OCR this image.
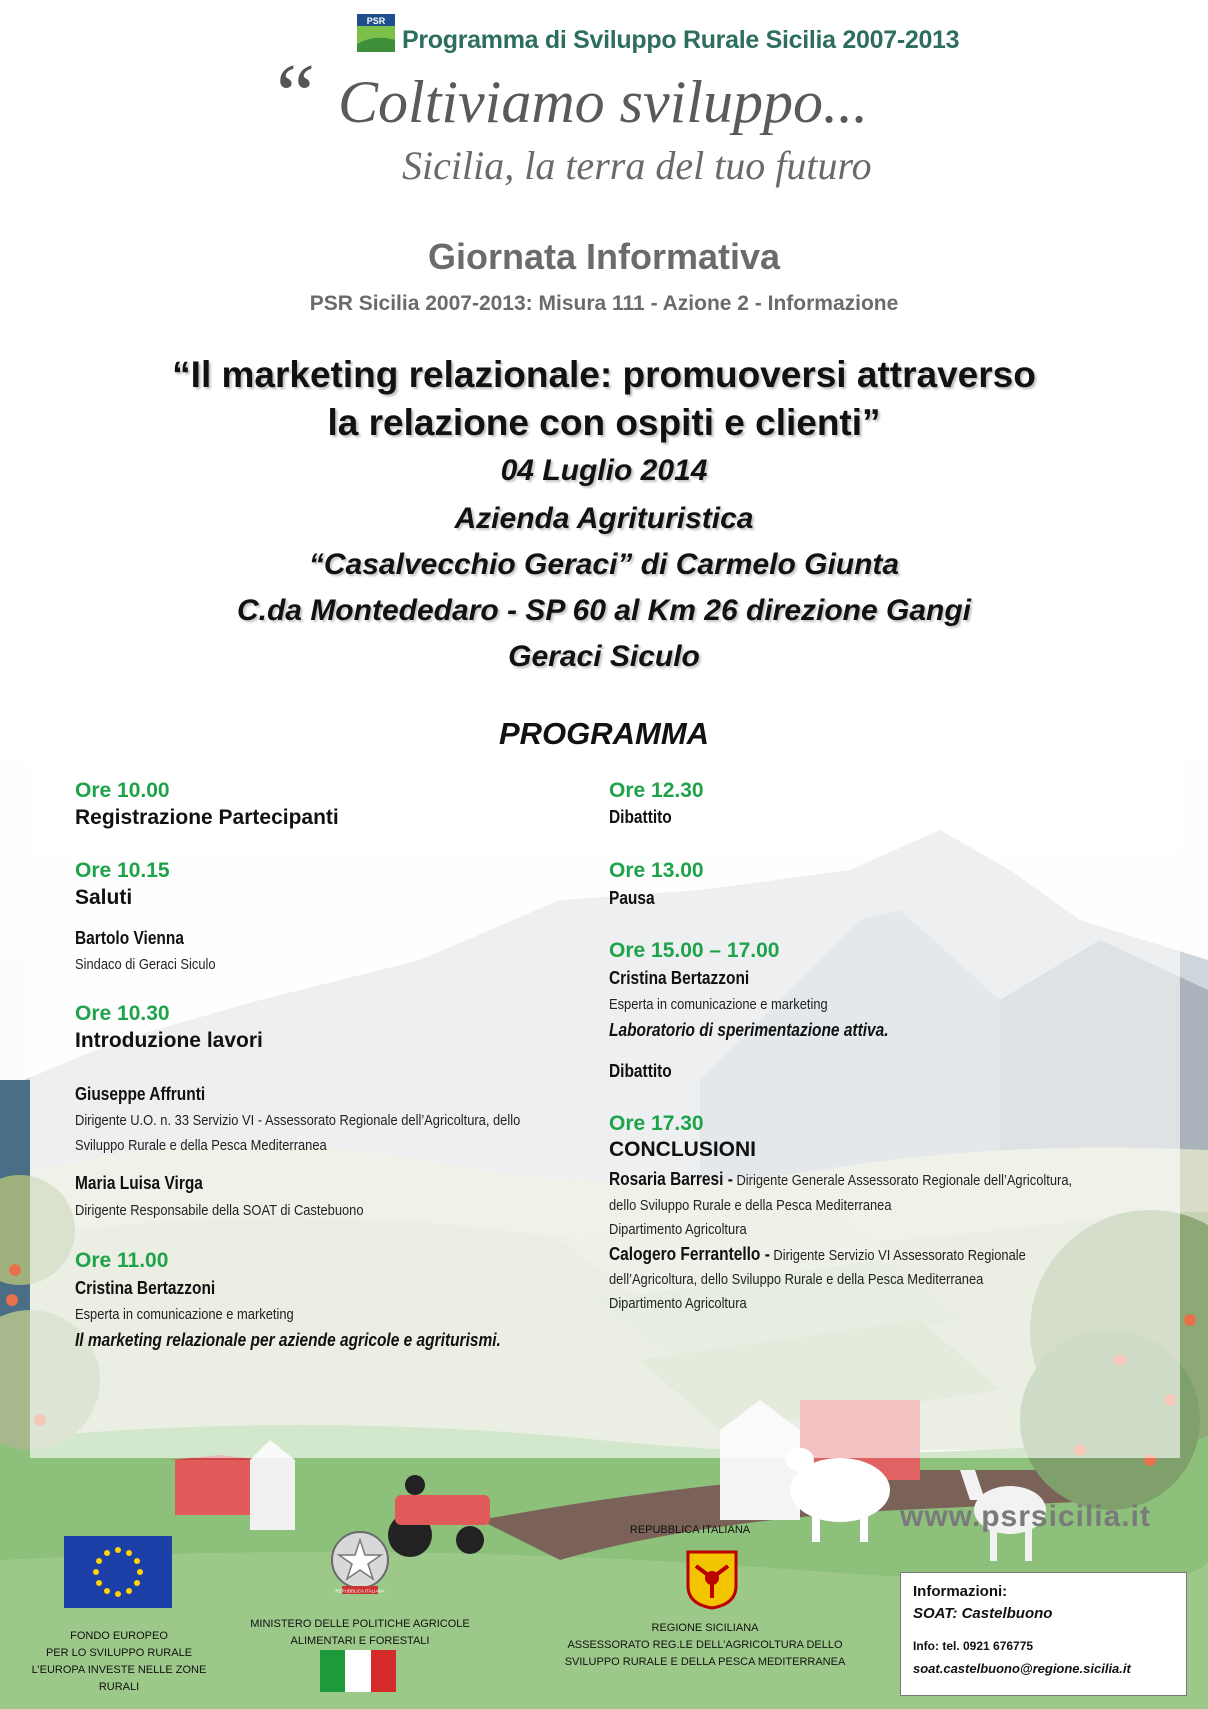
PSR
Programma di Sviluppo Rurale Sicilia 2007-2013
“ Coltiviamo sviluppo...
Sicilia, la terra del tuo futuro
Giornata Informativa
PSR Sicilia 2007-2013: Misura 111 - Azione 2 - Informazione
“Il marketing relazionale: promuoversi attraverso
la relazione con ospiti e clienti”
04 Luglio 2014
Azienda Agrituristica
“Casalvecchio Geraci” di Carmelo Giunta
C.da Montededaro - SP 60 al Km 26 direzione Gangi
Geraci Siculo
PROGRAMMA
Ore 10.00
Registrazione Partecipanti
Ore 10.15
Saluti
Bartolo Vienna
Sindaco di Geraci Siculo
Ore 10.30
Introduzione lavori
Giuseppe Affrunti
Dirigente U.O. n. 33 Servizio VI - Assessorato Regionale dell’Agricoltura, dello
Sviluppo Rurale e della Pesca Mediterranea
Maria Luisa Virga
Dirigente Responsabile della SOAT di Castebuono
Ore 11.00
Cristina Bertazzoni
Esperta in comunicazione e marketing
Il marketing relazionale per aziende agricole e agriturismi.
Ore 12.30
Dibattito
Ore 13.00
Pausa
Ore 15.00 – 17.00
Cristina Bertazzoni
Esperta in comunicazione e marketing
Laboratorio di sperimentazione attiva.
Dibattito
Ore 17.30
CONCLUSIONI
Rosaria Barresi - Dirigente Generale Assessorato Regionale dell’Agricoltura,
dello Sviluppo Rurale e della Pesca Mediterranea
Dipartimento Agricoltura
Calogero Ferrantello - Dirigente Servizio VI Assessorato Regionale
dell’Agricoltura, dello Sviluppo Rurale e della Pesca Mediterranea
Dipartimento Agricoltura
www.psrsicilia.it
FONDO EUROPEO
PER LO SVILUPPO RURALE
L’EUROPA INVESTE NELLE ZONE RURALI
REPUBBLICA ITALIANA
MINISTERO DELLE POLITICHE AGRICOLE
ALIMENTARI E FORESTALI
REPUBBLICA ITALIANA
REGIONE SICILIANA
ASSESSORATO REG.LE DELL’AGRICOLTURA DELLO
SVILUPPO RURALE E DELLA PESCA MEDITERRANEA
Informazioni:
SOAT: Castelbuono
Info: tel. 0921 676775
soat.castelbuono@regione.sicilia.it
